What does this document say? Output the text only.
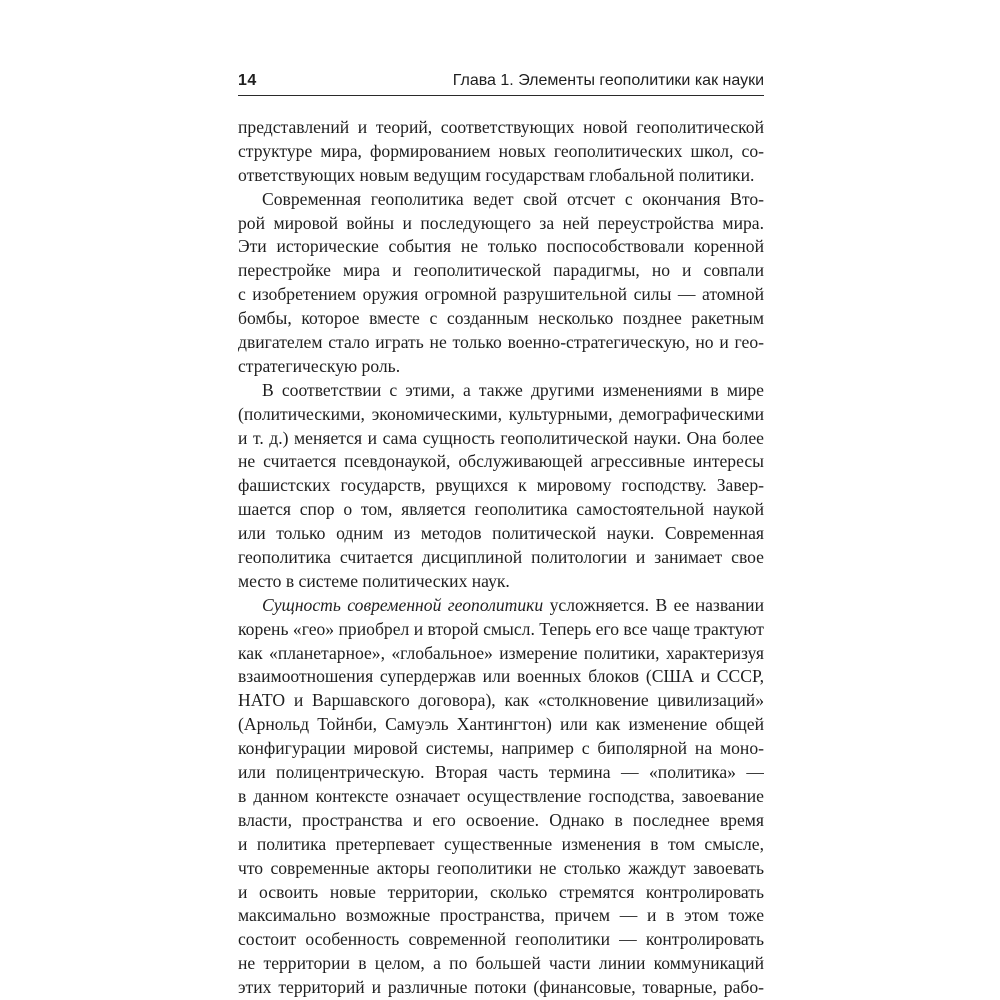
14	Глава 1. Элементы геополитики как науки
представлений и теорий, соответствующих новой геополитической
структуре мира, формированием новых геополитических школ, со-
ответствующих новым ведущим государствам глобальной политики.
Современная геополитика ведет свой отсчет с окончания Вто-
рой мировой войны и последующего за ней переустройства мира.
Эти исторические события не только поспособствовали коренной
перестройке мира и геополитической парадигмы, но и совпали
с изобретением оружия огромной разрушительной силы — атомной
бомбы, которое вместе с созданным несколько позднее ракетным
двигателем стало играть не только военно-стратегическую, но и гео-
стратегическую роль.
В соответствии с этими, а также другими изменениями в мире
(политическими, экономическими, культурными, демографическими
и т. д.) меняется и сама сущность геополитической науки. Она более
не считается псевдонаукой, обслуживающей агрессивные интересы
фашистских государств, рвущихся к мировому господству. Завер-
шается спор о том, является геополитика самостоятельной наукой
или только одним из методов политической науки. Современная
геополитика считается дисциплиной политологии и занимает свое
место в системе политических наук.
Сущность современной геополитики усложняется. В ее названии
корень «гео» приобрел и второй смысл. Теперь его все чаще трактуют
как «планетарное», «глобальное» измерение политики, характеризуя
взаимоотношения супердержав или военных блоков (США и СССР,
НАТО и Варшавского договора), как «столкновение цивилизаций»
(Арнольд Тойнби, Самуэль Хантингтон) или как изменение общей
конфигурации мировой системы, например с биполярной на моно-
или полицентрическую. Вторая часть термина — «политика» —
в данном контексте означает осуществление господства, завоевание
власти, пространства и его освоение. Однако в последнее время
и политика претерпевает существенные изменения в том смысле,
что современные акторы геополитики не столько жаждут завоевать
и освоить новые территории, сколько стремятся контролировать
максимально возможные пространства, причем — и в этом тоже
состоит особенность современной геополитики — контролировать
не территории в целом, а по большей части линии коммуникаций
этих территорий и различные потоки (финансовые, товарные, рабо-
